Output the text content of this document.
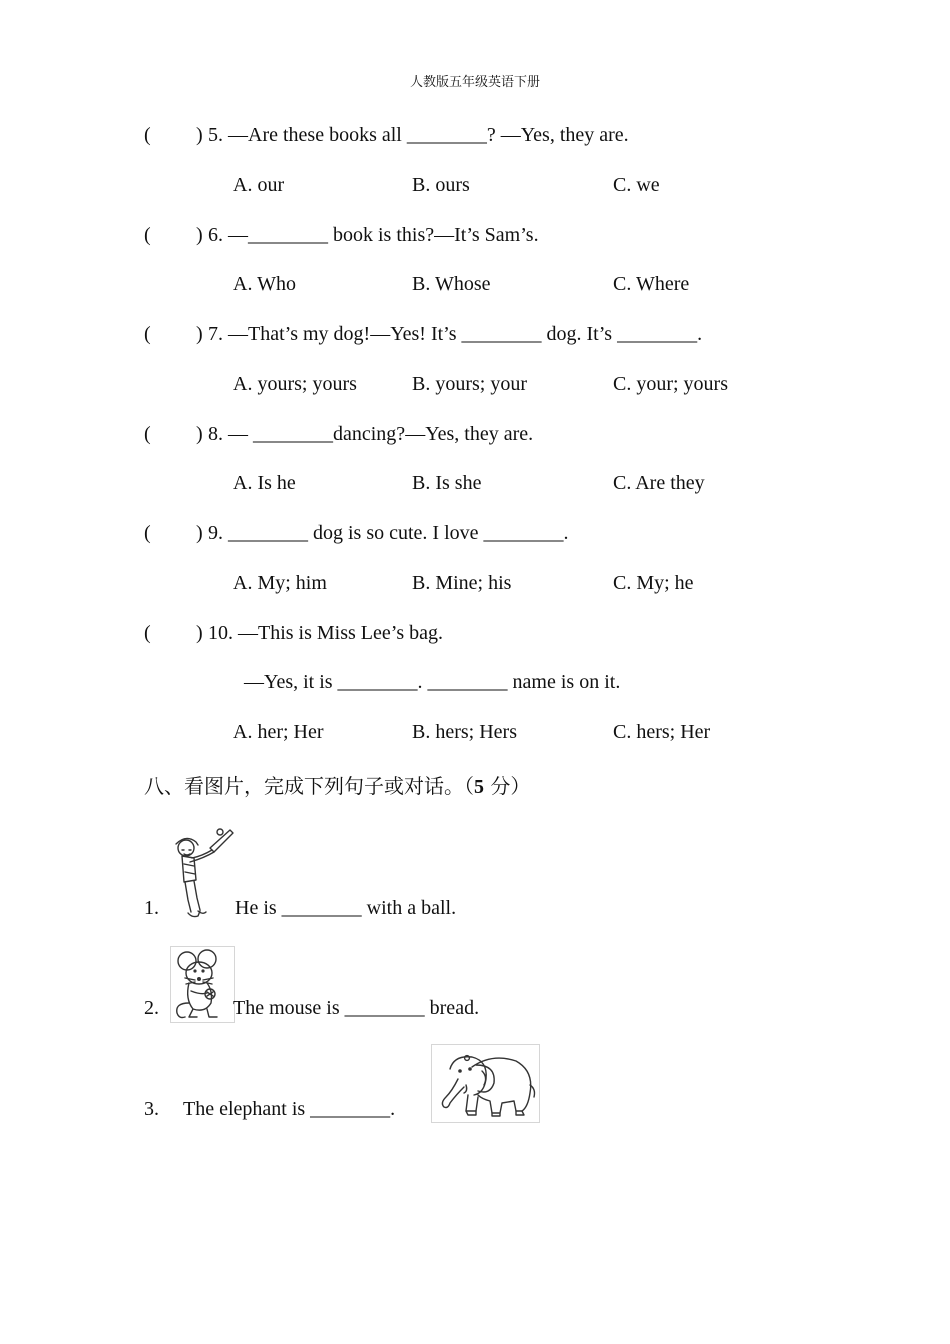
人教版五年级英语下册
( ) 5. —Are these books all ________? —Yes, they are.
A. our	B. ours	C. we
( ) 6. —________ book is this?—It’s Sam’s.
A. Who	B. Whose	C. Where
( ) 7. —That’s my dog!—Yes! It’s ________ dog. It’s ________.
A. yours; yours	B. yours; your	C. your; yours
( ) 8. — ________dancing?—Yes, they are.
A. Is he	B. Is she	C. Are they
( ) 9. ________ dog is so cute. I love ________.
A. My; him	B. Mine; his	C. My; he
( ) 10. —This is Miss Lee’s bag.
—Yes, it is ________. ________ name is on it.
A. her; Her	B. hers; Hers	C. hers; Her
八、看图片，完成下列句子或对话。（5 分）
1.	He is ________ with a ball.
2.	The mouse is ________ bread.
3. The elephant is ________.
